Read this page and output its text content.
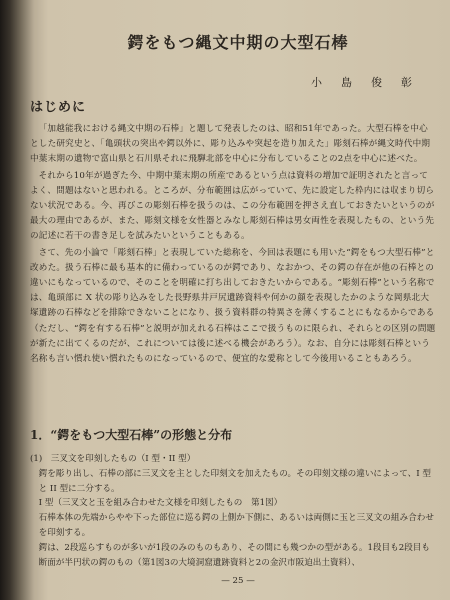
鍔をもつ縄文中期の大型石棒
小　島　俊　彰
はじめに

「加越能我における縄文中期の石棒」と題して発表したのは、昭和51年であった。大型石棒を中心とした研究史と、「亀頭状の突出や鍔以外に、彫り込みや突起を造り加えた」彫刻石棒が縄文時代中期中葉末期の遺物で富山県と石川県それに飛騨北部を中心に分布していることの2点を中心に述べた。

それから10年が過ぎた今、中期中葉末期の所産であるという点は資料の増加で証明されたと言ってよく、問題はないと思われる。ところが、分布範囲は広がっていて、先に設定した枠内には収まり切らない状況である。今、再びこの彫刻石棒を扱うのは、この分布範囲を押さえ直しておきたいというのが最大の理由であるが、また、彫刻文様を女性器とみなし彫刻石棒は男女両性を表現したもの、という先の記述に若干の書き足しを試みたいということもある。

さて、先の小論で「彫刻石棒」と表現していた総称を、今回は表題にも用いた“鍔をもつ大型石棒”と改めた。扱う石棒に最も基本的に備わっているのが鍔であり、なおかつ、その鍔の存在が他の石棒との違いにもなっているので、そのことを明確に打ち出しておきたいからである。“彫刻石棒”という名称では、亀頭部に X 状の彫り込みをした長野県井戸尻遺跡資料や何かの顔を表現したかのような岡県北大塚遺跡の石棒などを排除できないことになり、扱う資料群の特異さを薄くすることにもなるからである（ただし、“鍔を有する石棒”と説明が加えれる石棒はここで扱うものに限られ、それらとの区別の問題が新たに出てくるのだが、これについては後に述べる機会があろう）。なお、自分には彫刻石棒という名称も言い慣れ使い慣れたものになっているので、便宜的な愛称として今後用いることもあろう。

1．“鍔をもつ大型石棒”の形態と分布
(1)　三叉文を印刻したもの（I 型・II 型）
鍔を彫り出し、石棒の部に三叉文を主とした印刻文を加えたもの。その印刻文様の違いによって、I 型と II 型に二分する。
I 型（三叉文と玉を組み合わせた文様を印刻したもの　第1図）
石棒本体の先端からやや下った部位に巡る鍔の上側か下側に、あるいは両側に玉と三叉文の組み合わせを印刻する。
鍔は、2段巡らすものが多いが1段のみのものもあり、その間にも幾つかの型がある。1段目も2段目も断面が半円状の鍔のもの（第1図3の大境洞窟遺跡資料と2の金沢市阪迫出土資料）、
— 25 —
